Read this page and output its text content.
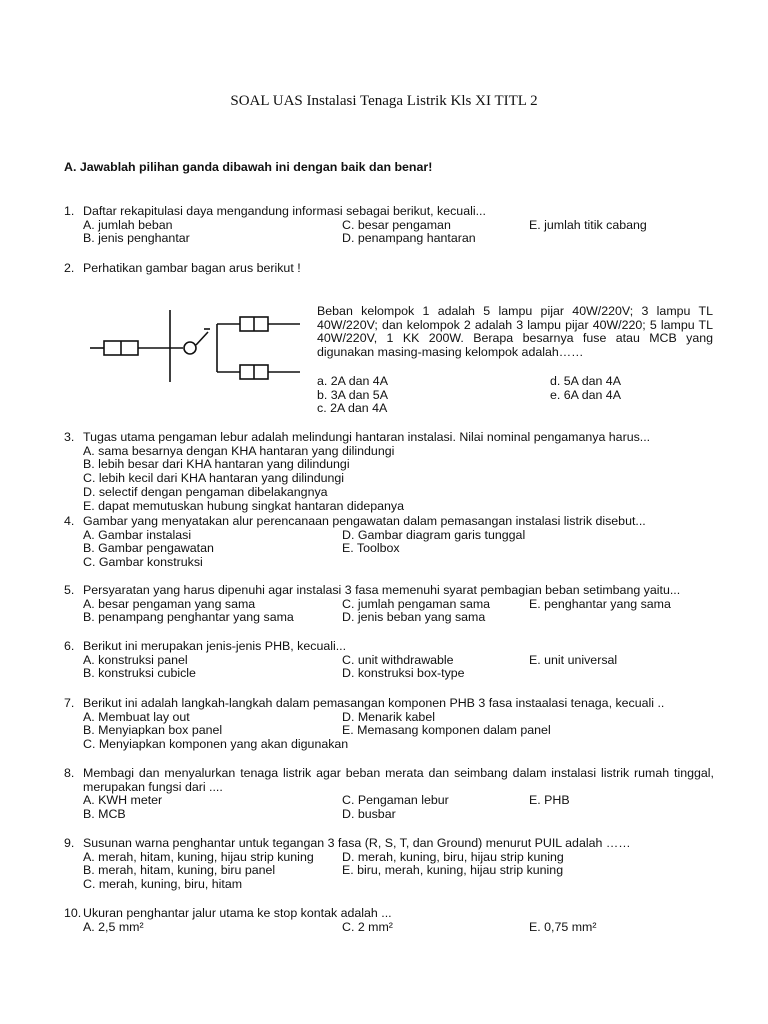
SOAL UAS Instalasi Tenaga Listrik Kls XI TITL 2
A. Jawablah pilihan ganda dibawah ini dengan baik dan benar!
1. Daftar rekapitulasi daya mengandung informasi sebagai berikut, kecuali...
A. jumlah beban	C. besar pengaman	E. jumlah titik cabang
B. jenis penghantar	D. penampang hantaran
2. Perhatikan gambar bagan arus berikut !
Beban kelompok 1 adalah 5 lampu pijar 40W/220V; 3 lampu TL 40W/220V; dan kelompok 2 adalah 3 lampu pijar 40W/220; 5 lampu TL 40W/220V, 1 KK 200W. Berapa besarnya fuse atau MCB yang digunakan masing-masing kelompok adalah……
a. 2A dan 4A	d. 5A dan 4A
b. 3A dan 5A	e. 6A dan 4A
c. 2A dan 4A
3. Tugas utama pengaman lebur adalah melindungi hantaran instalasi. Nilai nominal pengamanya harus...
A. sama besarnya dengan KHA hantaran yang dilindungi
B. lebih besar dari KHA hantaran yang dilindungi
C. lebih kecil dari KHA hantaran yang dilindungi
D. selectif dengan pengaman dibelakangnya
E. dapat memutuskan hubung singkat hantaran didepanya
4. Gambar yang menyatakan alur perencanaan pengawatan dalam pemasangan instalasi listrik disebut...
A. Gambar instalasi	D. Gambar diagram garis tunggal
B. Gambar pengawatan	E. Toolbox
C. Gambar konstruksi
5. Persyaratan yang harus dipenuhi agar instalasi 3 fasa memenuhi syarat pembagian beban setimbang yaitu...
A. besar pengaman yang sama	C. jumlah pengaman sama	E. penghantar yang sama
B. penampang penghantar yang sama	D. jenis beban yang sama
6. Berikut ini merupakan jenis-jenis PHB, kecuali...
A. konstruksi panel	C. unit withdrawable	E. unit universal
B. konstruksi cubicle	D. konstruksi box-type
7. Berikut ini adalah langkah-langkah dalam pemasangan komponen PHB 3 fasa instaalasi tenaga, kecuali ..
A. Membuat lay out	D. Menarik kabel
B. Menyiapkan box panel	E. Memasang komponen dalam panel
C. Menyiapkan komponen yang akan digunakan
8. Membagi dan menyalurkan tenaga listrik agar beban merata dan seimbang dalam instalasi listrik rumah tinggal, merupakan fungsi dari ....
A. KWH meter	C. Pengaman lebur	E. PHB
B. MCB	D. busbar
9. Susunan warna penghantar untuk tegangan 3 fasa (R, S, T, dan Ground) menurut PUIL adalah ……
A. merah, hitam, kuning, hijau strip kuning	D. merah, kuning, biru, hijau strip kuning
B. merah, hitam, kuning, biru panel	E. biru, merah, kuning, hijau strip kuning
C. merah, kuning, biru, hitam
10. Ukuran penghantar jalur utama ke stop kontak adalah ...
A. 2,5 mm²	C. 2 mm²	E. 0,75 mm²
